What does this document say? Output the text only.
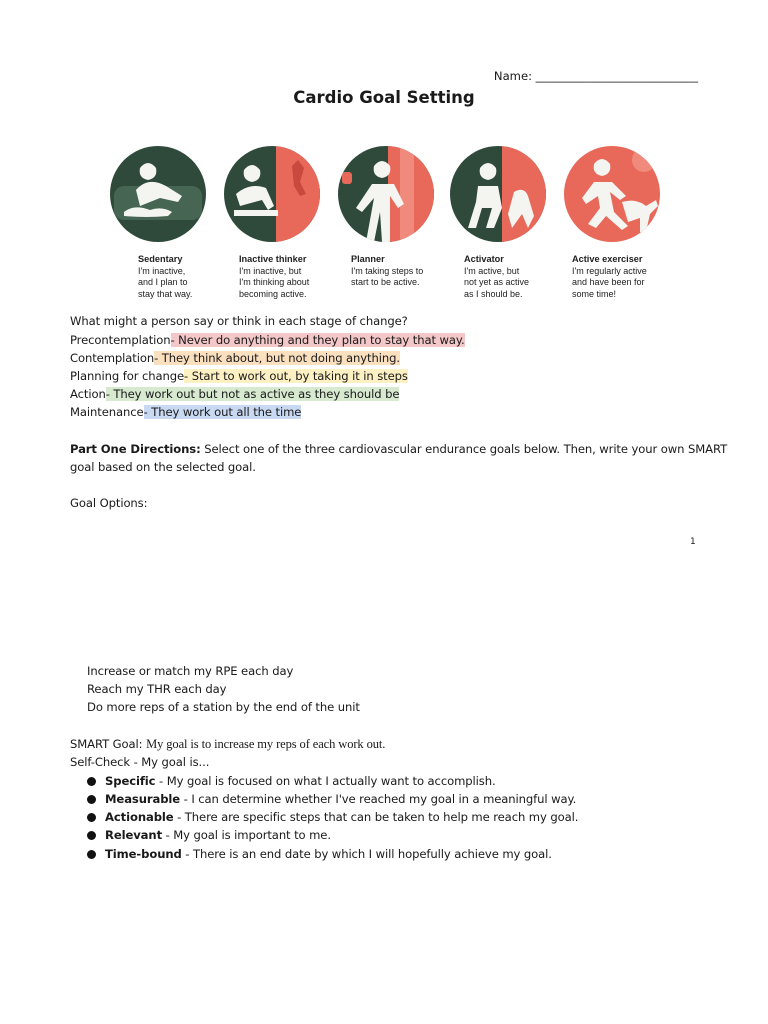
Name: ____________________________
Cardio Goal Setting
Sedentary
I'm inactive,
and I plan to
stay that way.
Inactive thinker
I'm inactive, but
I'm thinking about
becoming active.
Planner
I'm taking steps to
start to be active.
Activator
I'm active, but
not yet as active
as I should be.
Active exerciser
I'm regularly active
and have been for
some time!
What might a person say or think in each stage of change?
Precontemplation- Never do anything and they plan to stay that way.
Contemplation- They think about, but not doing anything.
Planning for change- Start to work out, by taking it in steps
Action- They work out but not as active as they should be
Maintenance- They work out all the time
Part One Directions: Select one of the three cardiovascular endurance goals below. Then, write your own SMART
goal based on the selected goal.
Goal Options:
1
Increase or match my RPE each day
Reach my THR each day
Do more reps of a station by the end of the unit
SMART Goal: My goal is to increase my reps of each work out.
Self-Check - My goal is...
Specific - My goal is focused on what I actually want to accomplish.
Measurable - I can determine whether I've reached my goal in a meaningful way.
Actionable - There are specific steps that can be taken to help me reach my goal.
Relevant - My goal is important to me.
Time-bound - There is an end date by which I will hopefully achieve my goal.
